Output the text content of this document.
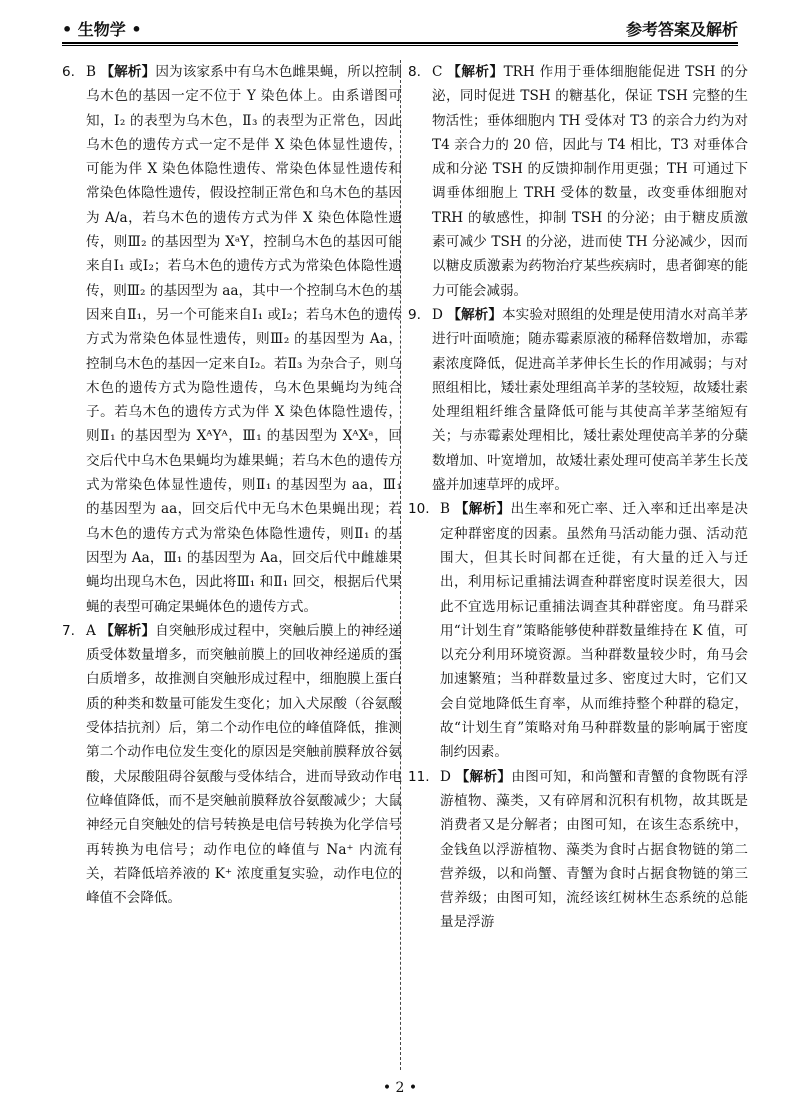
• 生物学 •	参考答案及解析
6. B 【解析】因为该家系中有乌木色雌果蝇，所以控制乌木色的基因一定不位于 Y 染色体上。由系谱图可知，Ⅰ₂ 的表型为乌木色，Ⅱ₃ 的表型为正常色，因此乌木色的遗传方式一定不是伴 X 染色体显性遗传，可能为伴 X 染色体隐性遗传、常染色体显性遗传和常染色体隐性遗传，假设控制正常色和乌木色的基因为 A/a，若乌木色的遗传方式为伴 X 染色体隐性遗传，则Ⅲ₂ 的基因型为 XᵃY，控制乌木色的基因可能来自Ⅰ₁ 或Ⅰ₂；若乌木色的遗传方式为常染色体隐性遗传，则Ⅲ₂ 的基因型为 aa，其中一个控制乌木色的基因来自Ⅱ₁，另一个可能来自Ⅰ₁ 或Ⅰ₂；若乌木色的遗传方式为常染色体显性遗传，则Ⅲ₂ 的基因型为 Aa，控制乌木色的基因一定来自Ⅰ₂。若Ⅱ₃ 为杂合子，则乌木色的遗传方式为隐性遗传，乌木色果蝇均为纯合子。若乌木色的遗传方式为伴 X 染色体隐性遗传，则Ⅱ₁ 的基因型为 XᴬYᴬ，Ⅲ₁ 的基因型为 XᴬXᵃ，回交后代中乌木色果蝇均为雄果蝇；若乌木色的遗传方式为常染色体显性遗传，则Ⅱ₁ 的基因型为 aa，Ⅲ₁ 的基因型为 aa，回交后代中无乌木色果蝇出现；若乌木色的遗传方式为常染色体隐性遗传，则Ⅱ₁ 的基因型为 Aa，Ⅲ₁ 的基因型为 Aa，回交后代中雌雄果蝇均出现乌木色，因此将Ⅲ₁ 和Ⅱ₁ 回交，根据后代果蝇的表型可确定果蝇体色的遗传方式。
7. A 【解析】自突触形成过程中，突触后膜上的神经递质受体数量增多，而突触前膜上的回收神经递质的蛋白质增多，故推测自突触形成过程中，细胞膜上蛋白质的种类和数量可能发生变化；加入犬尿酸（谷氨酸受体拮抗剂）后，第二个动作电位的峰值降低，推测第二个动作电位发生变化的原因是突触前膜释放谷氨酸，犬尿酸阻碍谷氨酸与受体结合，进而导致动作电位峰值降低，而不是突触前膜释放谷氨酸减少；大鼠神经元自突触处的信号转换是电信号转换为化学信号再转换为电信号；动作电位的峰值与 Na⁺ 内流有关，若降低培养液的 K⁺ 浓度重复实验，动作电位的峰值不会降低。
8. C 【解析】TRH 作用于垂体细胞能促进 TSH 的分泌，同时促进 TSH 的糖基化，保证 TSH 完整的生物活性；垂体细胞内 TH 受体对 T3 的亲合力约为对 T4 亲合力的 20 倍，因此与 T4 相比，T3 对垂体合成和分泌 TSH 的反馈抑制作用更强；TH 可通过下调垂体细胞上 TRH 受体的数量，改变垂体细胞对 TRH 的敏感性，抑制 TSH 的分泌；由于糖皮质激素可减少 TSH 的分泌，进而使 TH 分泌减少，因而以糖皮质激素为药物治疗某些疾病时，患者御寒的能力可能会减弱。
9. D 【解析】本实验对照组的处理是使用清水对高羊茅进行叶面喷施；随赤霉素原液的稀释倍数增加，赤霉素浓度降低，促进高羊茅伸长生长的作用减弱；与对照组相比，矮壮素处理组高羊茅的茎较短，故矮壮素处理组粗纤维含量降低可能与其使高羊茅茎缩短有关；与赤霉素处理相比，矮壮素处理使高羊茅的分蘖数增加、叶宽增加，故矮壮素处理可使高羊茅生长茂盛并加速草坪的成坪。
10. B 【解析】出生率和死亡率、迁入率和迁出率是决定种群密度的因素。虽然角马活动能力强、活动范围大，但其长时间都在迁徙，有大量的迁入与迁出，利用标记重捕法调查种群密度时误差很大，因此不宜选用标记重捕法调查其种群密度。角马群采用“计划生育”策略能够使种群数量维持在 K 值，可以充分利用环境资源。当种群数量较少时，角马会加速繁殖；当种群数量过多、密度过大时，它们又会自觉地降低生育率，从而维持整个种群的稳定，故“计划生育”策略对角马种群数量的影响属于密度制约因素。
11. D 【解析】由图可知，和尚蟹和青蟹的食物既有浮游植物、藻类，又有碎屑和沉积有机物，故其既是消费者又是分解者；由图可知，在该生态系统中，金钱鱼以浮游植物、藻类为食时占据食物链的第二营养级，以和尚蟹、青蟹为食时占据食物链的第三营养级；由图可知，流经该红树林生态系统的总能量是浮游
• 2 •
